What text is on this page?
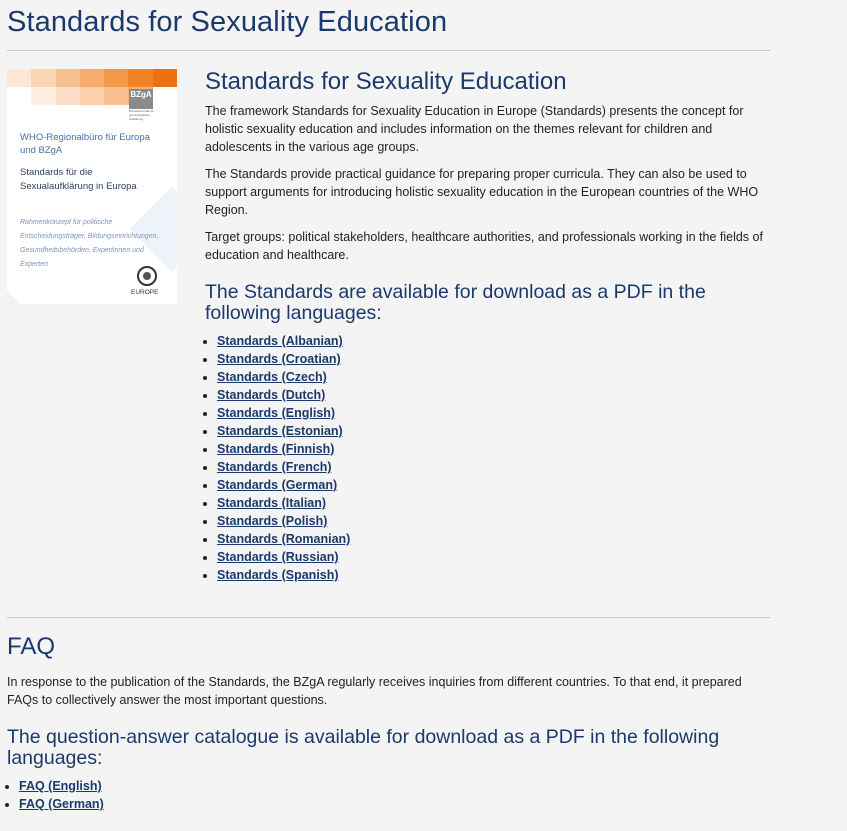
Standards for Sexuality Education
BZgA
Bundeszentrale für gesundheitliche Aufklärung
WHO-Regionalbüro für Europa und BZgA
Standards für die Sexualaufklärung in Europa
Rahmenkonzept für politische Entscheidungsträger, Bildungseinrichtungen, Gesundheitsbehörden, Expertinnen und Experten
EUROPE
Standards for Sexuality Education

The framework Standards for Sexuality Education in Europe (Standards) presents the concept for holistic sexuality education and includes information on the themes relevant for children and adolescents in the various age groups.

The Standards provide practical guidance for preparing proper curricula. They can also be used to support arguments for introducing holistic sexuality education in the European countries of the WHO Region.

Target groups: political stakeholders, healthcare authorities, and professionals working in the fields of education and healthcare.

The Standards are available for download as a PDF in the following languages:
• Standards (Albanian)
• Standards (Croatian)
• Standards (Czech)
• Standards (Dutch)
• Standards (English)
• Standards (Estonian)
• Standards (Finnish)
• Standards (French)
• Standards (German)
• Standards (Italian)
• Standards (Polish)
• Standards (Romanian)
• Standards (Russian)
• Standards (Spanish)
FAQ

In response to the publication of the Standards, the BZgA regularly receives inquiries from different countries. To that end, it prepared FAQs to collectively answer the most important questions.

The question-answer catalogue is available for download as a PDF in the following languages:
• FAQ (English)
• FAQ (German)
